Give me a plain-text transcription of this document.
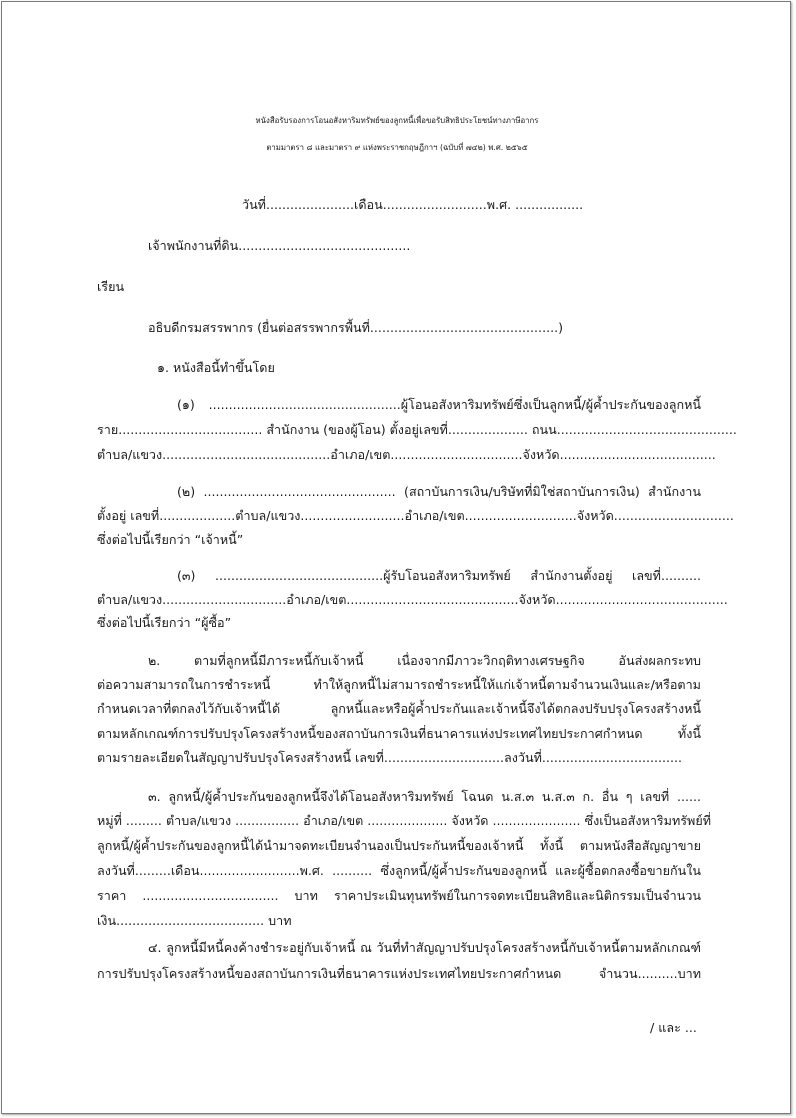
หนังสือรับรองการโอนอสังหาริมทรัพย์ของลูกหนี้เพื่อขอรับสิทธิประโยชน์ทางภาษีอากร
ตามมาตรา ๘ และมาตรา ๙ แห่งพระราชกฤษฎีกาฯ (ฉบับที่ ๗๔๒) พ.ศ. ๒๕๖๕
วันที่......................เดือน..........................พ.ศ. .................
เจ้าพนักงานที่ดิน...........................................
เรียน
อธิบดีกรมสรรพากร (ยื่นต่อสรรพากรพื้นที่...............................................)
๑. หนังสือนี้ทำขึ้นโดย
(๑) ................................................ผู้โอนอสังหาริมทรัพย์ซึ่งเป็นลูกหนี้/ผู้ค้ำประกันของลูกหนี้
ราย.................................... สำนักงาน (ของผู้โอน) ตั้งอยู่เลขที่.................... ถนน.............................................
ตำบล/แขวง..........................................อำเภอ/เขต.................................จังหวัด.......................................
(๒) ................................................ (สถาบันการเงิน/บริษัทที่มิใช่สถาบันการเงิน) สำนักงาน
ตั้งอยู่ เลขที่...................ตำบล/แขวง..........................อำเภอ/เขต............................จังหวัด..............................
ซึ่งต่อไปนี้เรียกว่า “เจ้าหนี้”
(๓) ..........................................ผู้รับโอนอสังหาริมทรัพย์ สำนักงานตั้งอยู่ เลขที่..........
ตำบล/แขวง...............................อำเภอ/เขต...........................................จังหวัด...........................................
ซึ่งต่อไปนี้เรียกว่า “ผู้ซื้อ”
๒. ตามที่ลูกหนี้มีภาระหนี้กับเจ้าหนี้ เนื่องจากมีภาวะวิกฤติทางเศรษฐกิจ อันส่งผลกระทบ
ต่อความสามารถในการชำระหนี้ ทำให้ลูกหนี้ไม่สามารถชำระหนี้ให้แก่เจ้าหนี้ตามจำนวนเงินและ/หรือตาม
กำหนดเวลาที่ตกลงไว้กับเจ้าหนี้ได้ ลูกหนี้และหรือผู้ค้ำประกันและเจ้าหนี้จึงได้ตกลงปรับปรุงโครงสร้างหนี้
ตามหลักเกณฑ์การปรับปรุงโครงสร้างหนี้ของสถาบันการเงินที่ธนาคารแห่งประเทศไทยประกาศกำหนด ทั้งนี้
ตามรายละเอียดในสัญญาปรับปรุงโครงสร้างหนี้ เลขที่..............................ลงวันที่...................................
๓. ลูกหนี้/ผู้ค้ำประกันของลูกหนี้จึงได้โอนอสังหาริมทรัพย์ โฉนด น.ส.๓ น.ส.๓ ก. อื่น ๆ เลขที่ ......
หมู่ที่ ......... ตำบล/แขวง ................ อำเภอ/เขต .................... จังหวัด ...................... ซึ่งเป็นอสังหาริมทรัพย์ที่
ลูกหนี้/ผู้ค้ำประกันของลูกหนี้ได้นำมาจดทะเบียนจำนองเป็นประกันหนี้ของเจ้าหนี้ ทั้งนี้ ตามหนังสือสัญญาขาย
ลงวันที่.........เดือน.........................พ.ศ. .......... ซึ่งลูกหนี้/ผู้ค้ำประกันของลูกหนี้ และผู้ซื้อตกลงซื้อขายกันใน
ราคา .................................. บาท ราคาประเมินทุนทรัพย์ในการจดทะเบียนสิทธิและนิติกรรมเป็นจำนวน
เงิน..................................... บาท
๔. ลูกหนี้มีหนี้คงค้างชำระอยู่กับเจ้าหนี้ ณ วันที่ทำสัญญาปรับปรุงโครงสร้างหนี้กับเจ้าหนี้ตามหลักเกณฑ์
การปรับปรุงโครงสร้างหนี้ของสถาบันการเงินที่ธนาคารแห่งประเทศไทยประกาศกำหนด จำนวน..........บาท
/ และ ...
